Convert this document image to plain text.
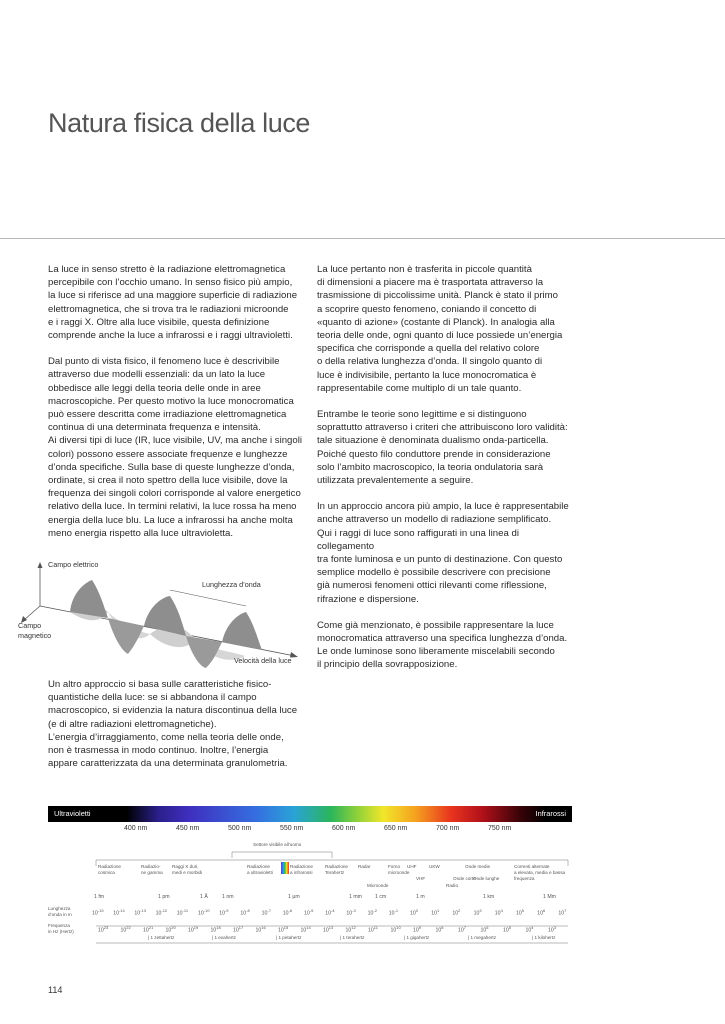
Natura fisica della luce

La luce in senso stretto è la radiazione elettromagnetica
percepibile con l’occhio umano. In senso fisico più ampio,
la luce si riferisce ad una maggiore superficie di radiazione
elettromagnetica, che si trova tra le radiazioni microonde
e i raggi X. Oltre alla luce visibile, questa definizione
comprende anche la luce a infrarossi e i raggi ultravioletti.

Dal punto di vista fisico, il fenomeno luce è descrivibile
attraverso due modelli essenziali: da un lato la luce
obbedisce alle leggi della teoria delle onde in aree
macroscopiche. Per questo motivo la luce monocromatica
può essere descritta come irradiazione elettromagnetica
continua di una determinata frequenza e intensità.
Ai diversi tipi di luce (IR, luce visibile, UV, ma anche i singoli
colori) possono essere associate frequenze e lunghezze
d’onda specifiche. Sulla base di queste lunghezze d’onda,
ordinate, si crea il noto spettro della luce visibile, dove la
frequenza dei singoli colori corrisponde al valore energetico
relativo della luce. In termini relativi, la luce rossa ha meno
energia della luce blu. La luce a infrarossi ha anche molta
meno energia rispetto alla luce ultravioletta.

Campo elettrico
Lunghezza d’onda
Campo
magnetico
Velocità della luce

Un altro approccio si basa sulle caratteristiche fisico-
quantistiche della luce: se si abbandona il campo
macroscopico, si evidenzia la natura discontinua della luce
(e di altre radiazioni elettromagnetiche).
L’energia d’irraggiamento, come nella teoria delle onde,
non è trasmessa in modo continuo. Inoltre, l’energia
appare caratterizzata da una determinata granulometria.

La luce pertanto non è trasferita in piccole quantità
di dimensioni a piacere ma è trasportata attraverso la
trasmissione di piccolissime unità. Planck è stato il primo
a scoprire questo fenomeno, coniando il concetto di
«quanto di azione» (costante di Planck). In analogia alla
teoria delle onde, ogni quanto di luce possiede un’energia
specifica che corrisponde a quella del relativo colore
o della relativa lunghezza d’onda. Il singolo quanto di
luce è indivisibile, pertanto la luce monocromatica è
rappresentabile come multiplo di un tale quanto.

Entrambe le teorie sono legittime e si distinguono
soprattutto attraverso i criteri che attribuiscono loro validità:
tale situazione è denominata dualismo onda-particella.
Poiché questo filo conduttore prende in considerazione
solo l’ambito macroscopico, la teoria ondulatoria sarà
utilizzata prevalentemente a seguire.

In un approccio ancora più ampio, la luce è rappresentabile
anche attraverso un modello di radiazione semplificato.
Qui i raggi di luce sono raffigurati in una linea di collegamento
tra fonte luminosa e un punto di destinazione. Con questo
semplice modello è possibile descrivere con precisione
già numerosi fenomeni ottici rilevanti come riflessione,
rifrazione e dispersione.

Come già menzionato, è possibile rappresentare la luce
monocromatica attraverso una specifica lunghezza d’onda.
Le onde luminose sono liberamente miscelabili secondo
il principio della sovrapposizione.

Ultravioletti	Infrarossi
400 nm	450 nm	500 nm	550 nm	600 nm	650 nm	700 nm	750 nm
Settore visibile all’uomo
Radiazione
cosmica
Radiazio-
ne gamma
Raggi X duri,
medi e morbidi
Radiazione
a ultravioletti
Radiazione
a infrarossi
Radiazione
Terahertz
Radar	Forno
microonde
UHF	UKW	Onde medie	Correnti alternate
a elevata, media e bassa
frequenza
VHF	Onde corte
Onde lunghe
Microonde	Radio
1 fm	1 pm	1 Å	1 nm	1 μm	1 mm	1 cm	1 m	1 km	1 Mm
Lunghezza
d’onda in m
Frequenza
in Hz (Hertz)
$10^{-15}$
$10^{-14}$
$10^{-13}$
$10^{-12}$
$10^{-11}$
$10^{-10}$
$10^{-9}$
$10^{-8}$
$10^{-7}$
$10^{-6}$
$10^{-5}$
$10^{-4}$
$10^{-3}$
$10^{-2}$
$10^{-1}$
$10^0$
$10^1$
$10^2$
$10^3$
$10^4$
$10^5$
$10^6$
$10^7$
$10^{23}$
$10^{22}$
$10^{21}$
$10^{20}$
$10^{19}$
$10^{18}$
$10^{17}$
$10^{16}$
$10^{15}$
$10^{14}$
$10^{13}$
$10^{12}$
$10^{11}$
$10^{10}$
$10^9$
$10^8$
$10^7$
$10^6$
$10^5$
$10^4$
$10^3$
| 1 zettahertz	| 1 exahertz	| 1 petahertz	| 1 terahertz	| 1 gigahertz	| 1 megahertz	| 1 kilohertz
114
